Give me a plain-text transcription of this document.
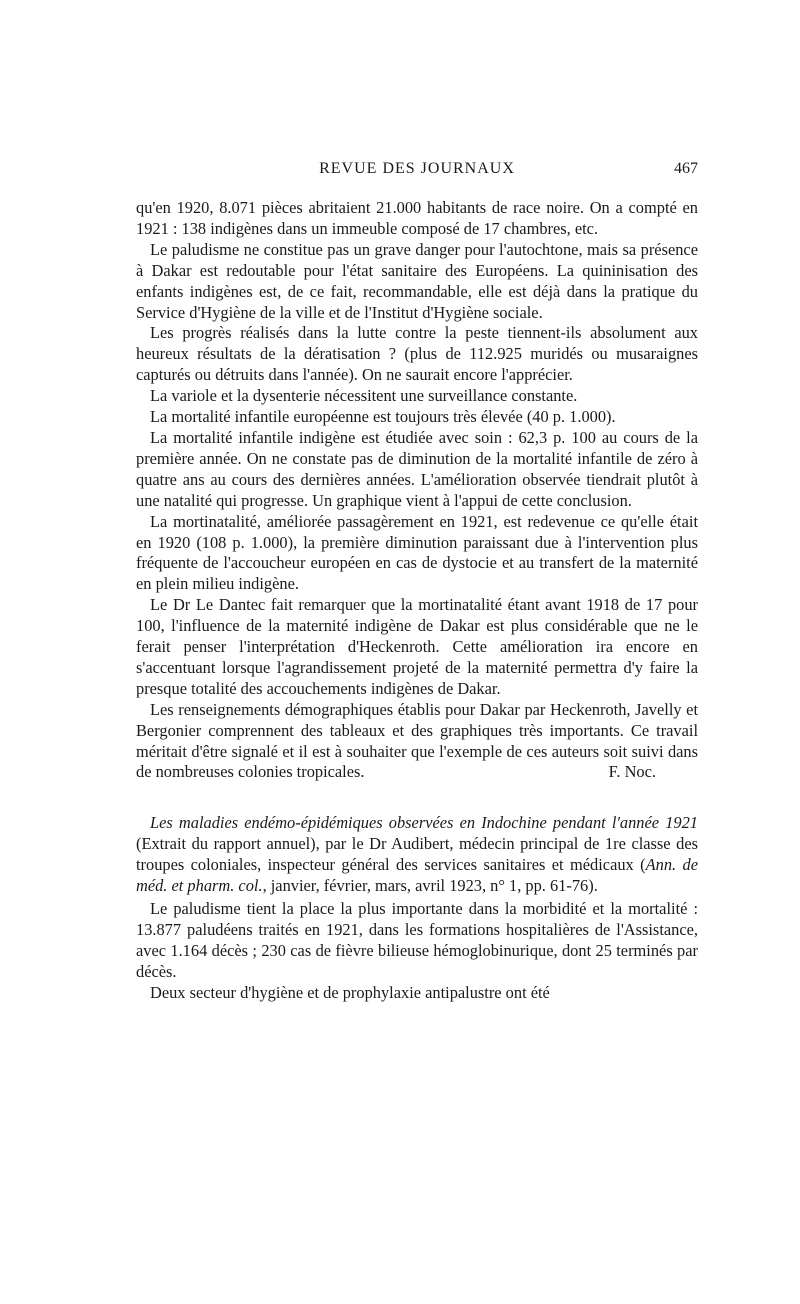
REVUE DES JOURNAUX	467

qu'en 1920, 8.071 pièces abritaient 21.000 habitants de race noire. On a compté en 1921 : 138 indigènes dans un immeuble composé de 17 chambres, etc.

Le paludisme ne constitue pas un grave danger pour l'autochtone, mais sa présence à Dakar est redoutable pour l'état sanitaire des Européens. La quininisation des enfants indigènes est, de ce fait, recommandable, elle est déjà dans la pratique du Service d'Hygiène de la ville et de l'Institut d'Hygiène sociale.

Les progrès réalisés dans la lutte contre la peste tiennent-ils absolument aux heureux résultats de la dératisation ? (plus de 112.925 muridés ou musaraignes capturés ou détruits dans l'année). On ne saurait encore l'apprécier.

La variole et la dysenterie nécessitent une surveillance constante.

La mortalité infantile européenne est toujours très élevée (40 p. 1.000).

La mortalité infantile indigène est étudiée avec soin : 62,3 p. 100 au cours de la première année. On ne constate pas de diminution de la mortalité infantile de zéro à quatre ans au cours des dernières années. L'amélioration observée tiendrait plutôt à une natalité qui progresse. Un graphique vient à l'appui de cette conclusion.

La mortinatalité, améliorée passagèrement en 1921, est redevenue ce qu'elle était en 1920 (108 p. 1.000), la première diminution paraissant due à l'intervention plus fréquente de l'accoucheur européen en cas de dystocie et au transfert de la maternité en plein milieu indigène.

Le Dr Le Dantec fait remarquer que la mortinatalité étant avant 1918 de 17 pour 100, l'influence de la maternité indigène de Dakar est plus considérable que ne le ferait penser l'interprétation d'Heckenroth. Cette amélioration ira encore en s'accentuant lorsque l'agrandissement projeté de la maternité permettra d'y faire la presque totalité des accouchements indigènes de Dakar.

Les renseignements démographiques établis pour Dakar par Heckenroth, Javelly et Bergonier comprennent des tableaux et des graphiques très importants. Ce travail méritait d'être signalé et il est à souhaiter que l'exemple de ces auteurs soit suivi dans de nombreuses colonies tropicales.	F. Noc.

Les maladies endémo-épidémiques observées en Indochine pendant l'année 1921 (Extrait du rapport annuel), par le Dr Audibert, médecin principal de 1re classe des troupes coloniales, inspecteur général des services sanitaires et médicaux (Ann. de méd. et pharm. col., janvier, février, mars, avril 1923, n° 1, pp. 61-76).

Le paludisme tient la place la plus importante dans la morbidité et la mortalité : 13.877 paludéens traités en 1921, dans les formations hospitalières de l'Assistance, avec 1.164 décès ; 230 cas de fièvre bilieuse hémoglobinurique, dont 25 terminés par décès.

Deux secteur d'hygiène et de prophylaxie antipalustre ont été
